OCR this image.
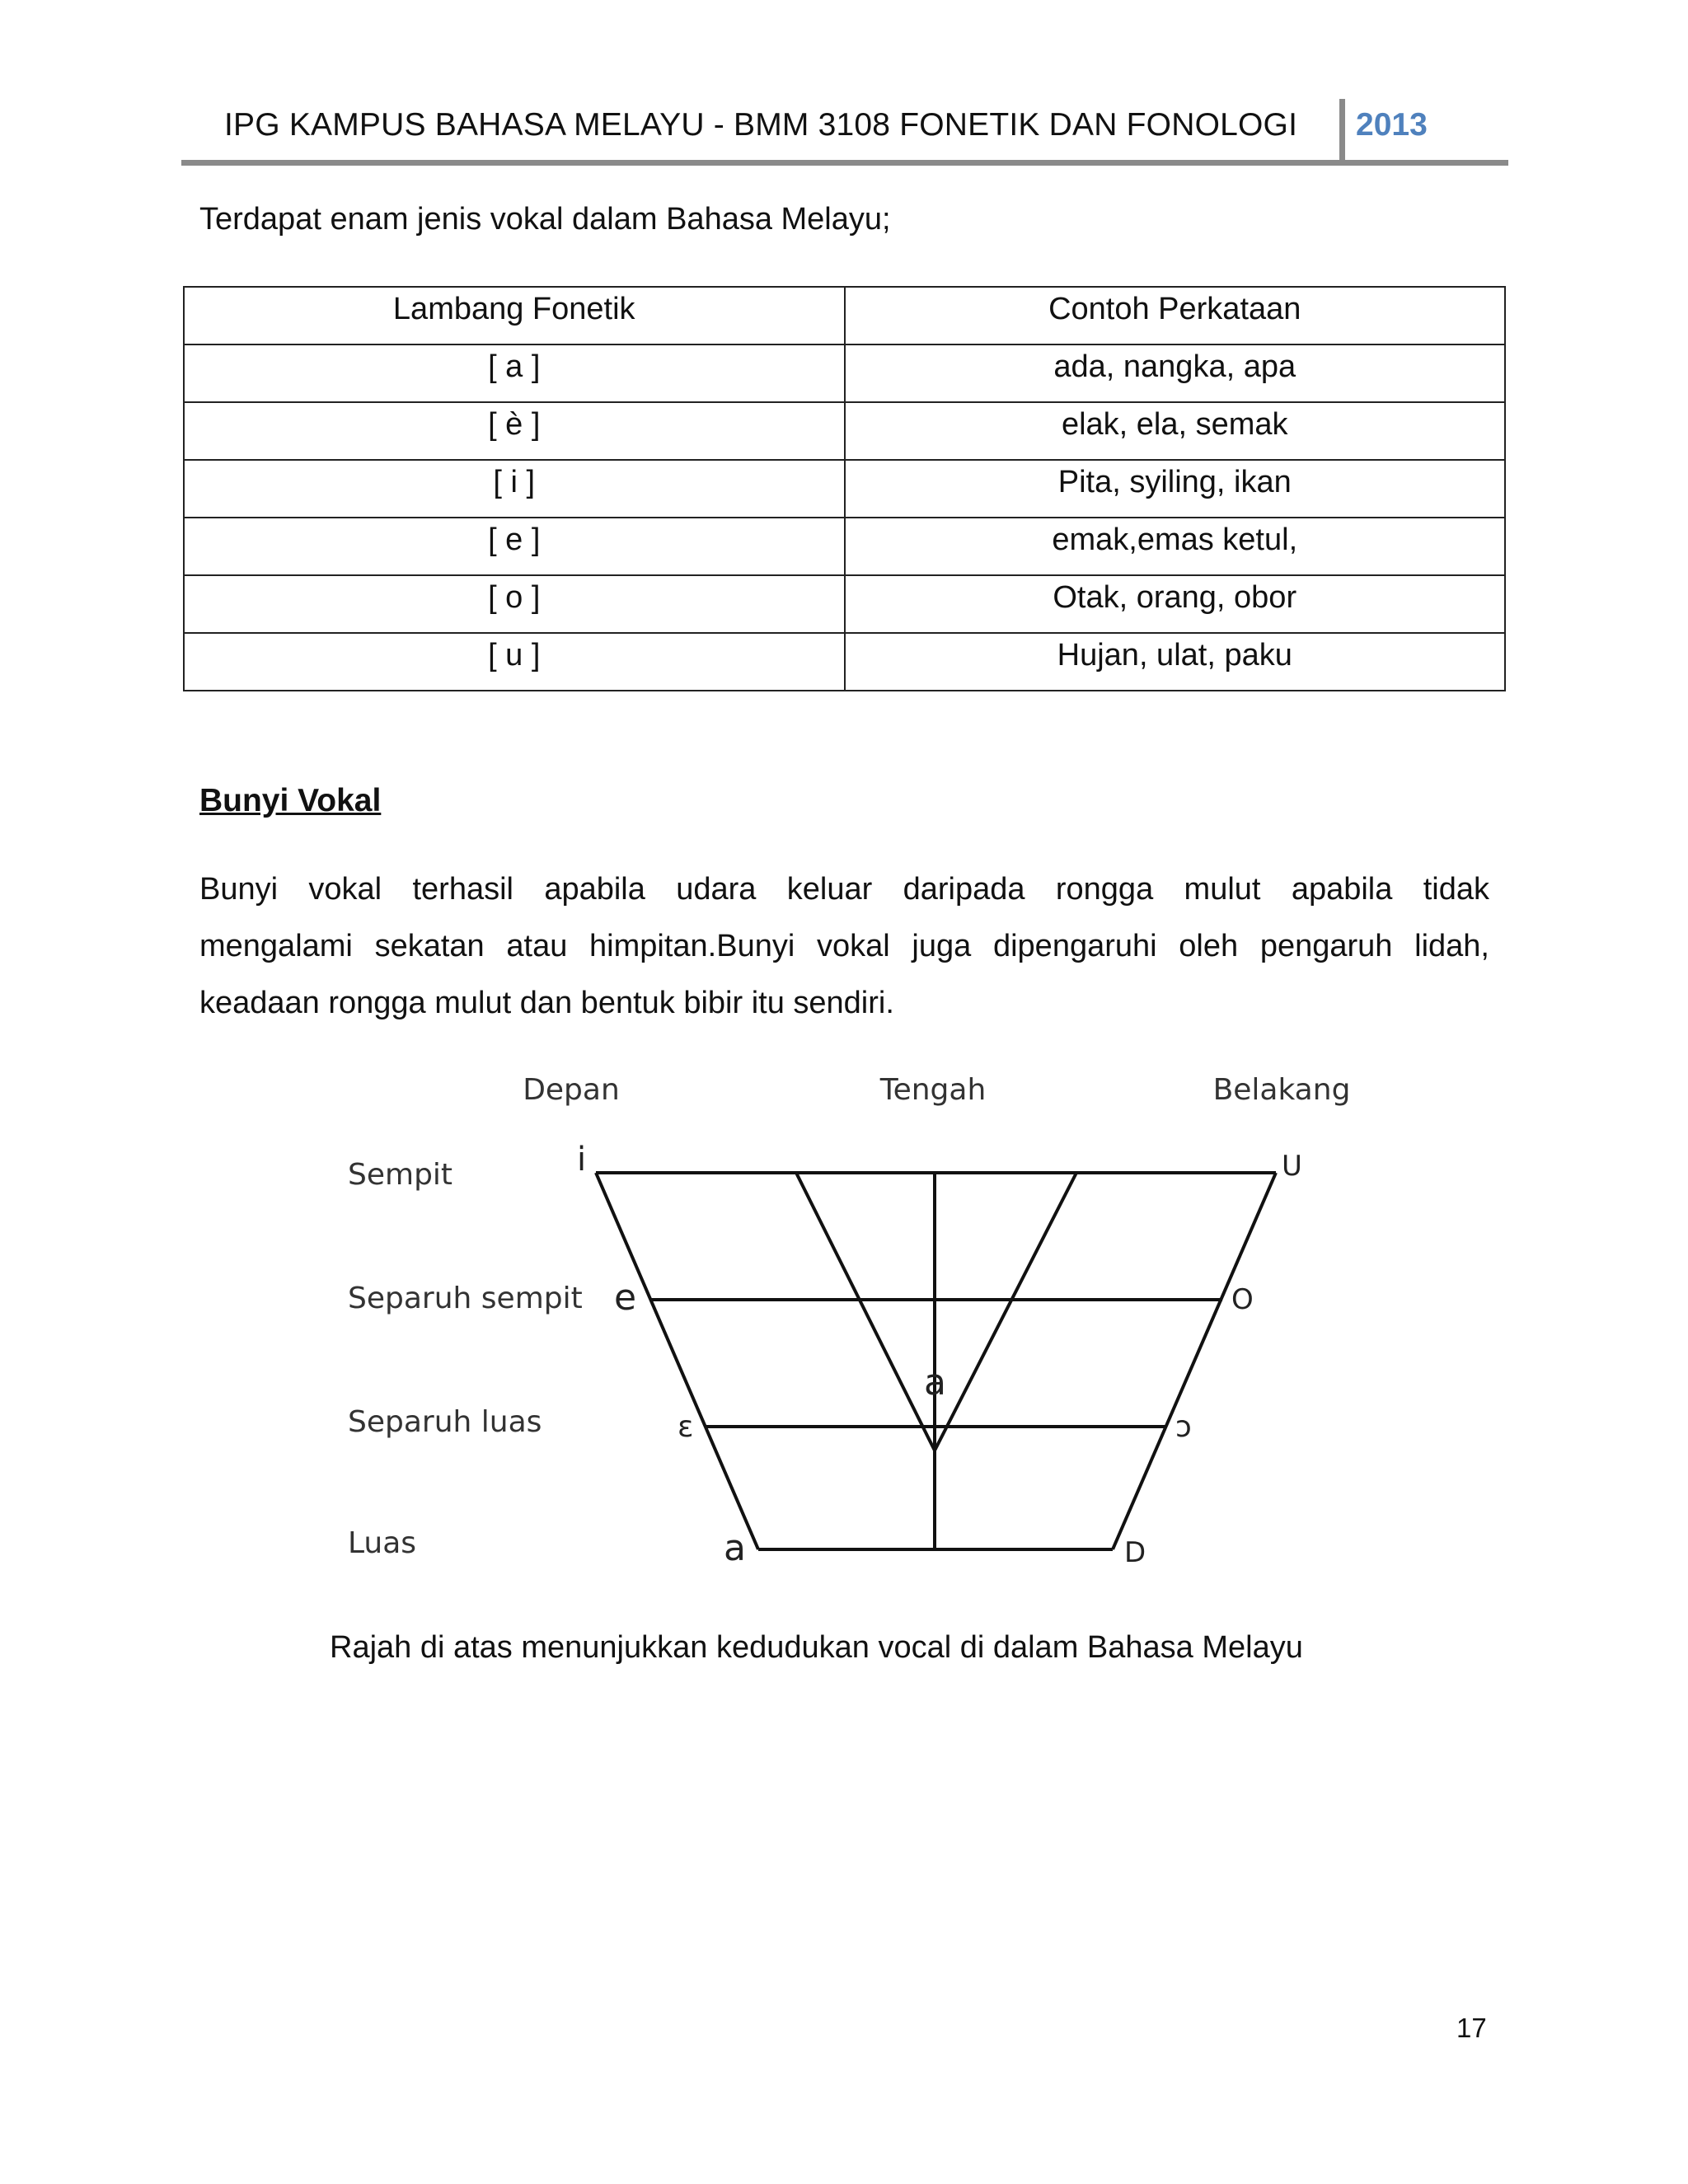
IPG KAMPUS BAHASA MELAYU - BMM 3108 FONETIK DAN FONOLOGI 2013
Terdapat enam jenis vokal dalam Bahasa Melayu;
Lambang Fonetik	Contoh Perkataan
[ a ]	ada, nangka, apa
[ è ]	elak, ela, semak
[ i ]	Pita, syiling, ikan
[ e ]	emak,emas ketul,
[ o ]	Otak, orang, obor
[ u ]	Hujan, ulat, paku
Bunyi Vokal
Bunyi vokal terhasil apabila udara keluar daripada rongga mulut apabila tidak
mengalami sekatan atau himpitan.Bunyi vokal juga dipengaruhi oleh pengaruh lidah,
keadaan rongga mulut dan bentuk bibir itu sendiri.
Depan	Tengah	Belakang
Sempit
Separuh sempit
Separuh luas
Luas
i	U
e	O
a
ɛ	ɔ
a	D
Rajah di atas menunjukkan kedudukan vocal di dalam Bahasa Melayu
17
